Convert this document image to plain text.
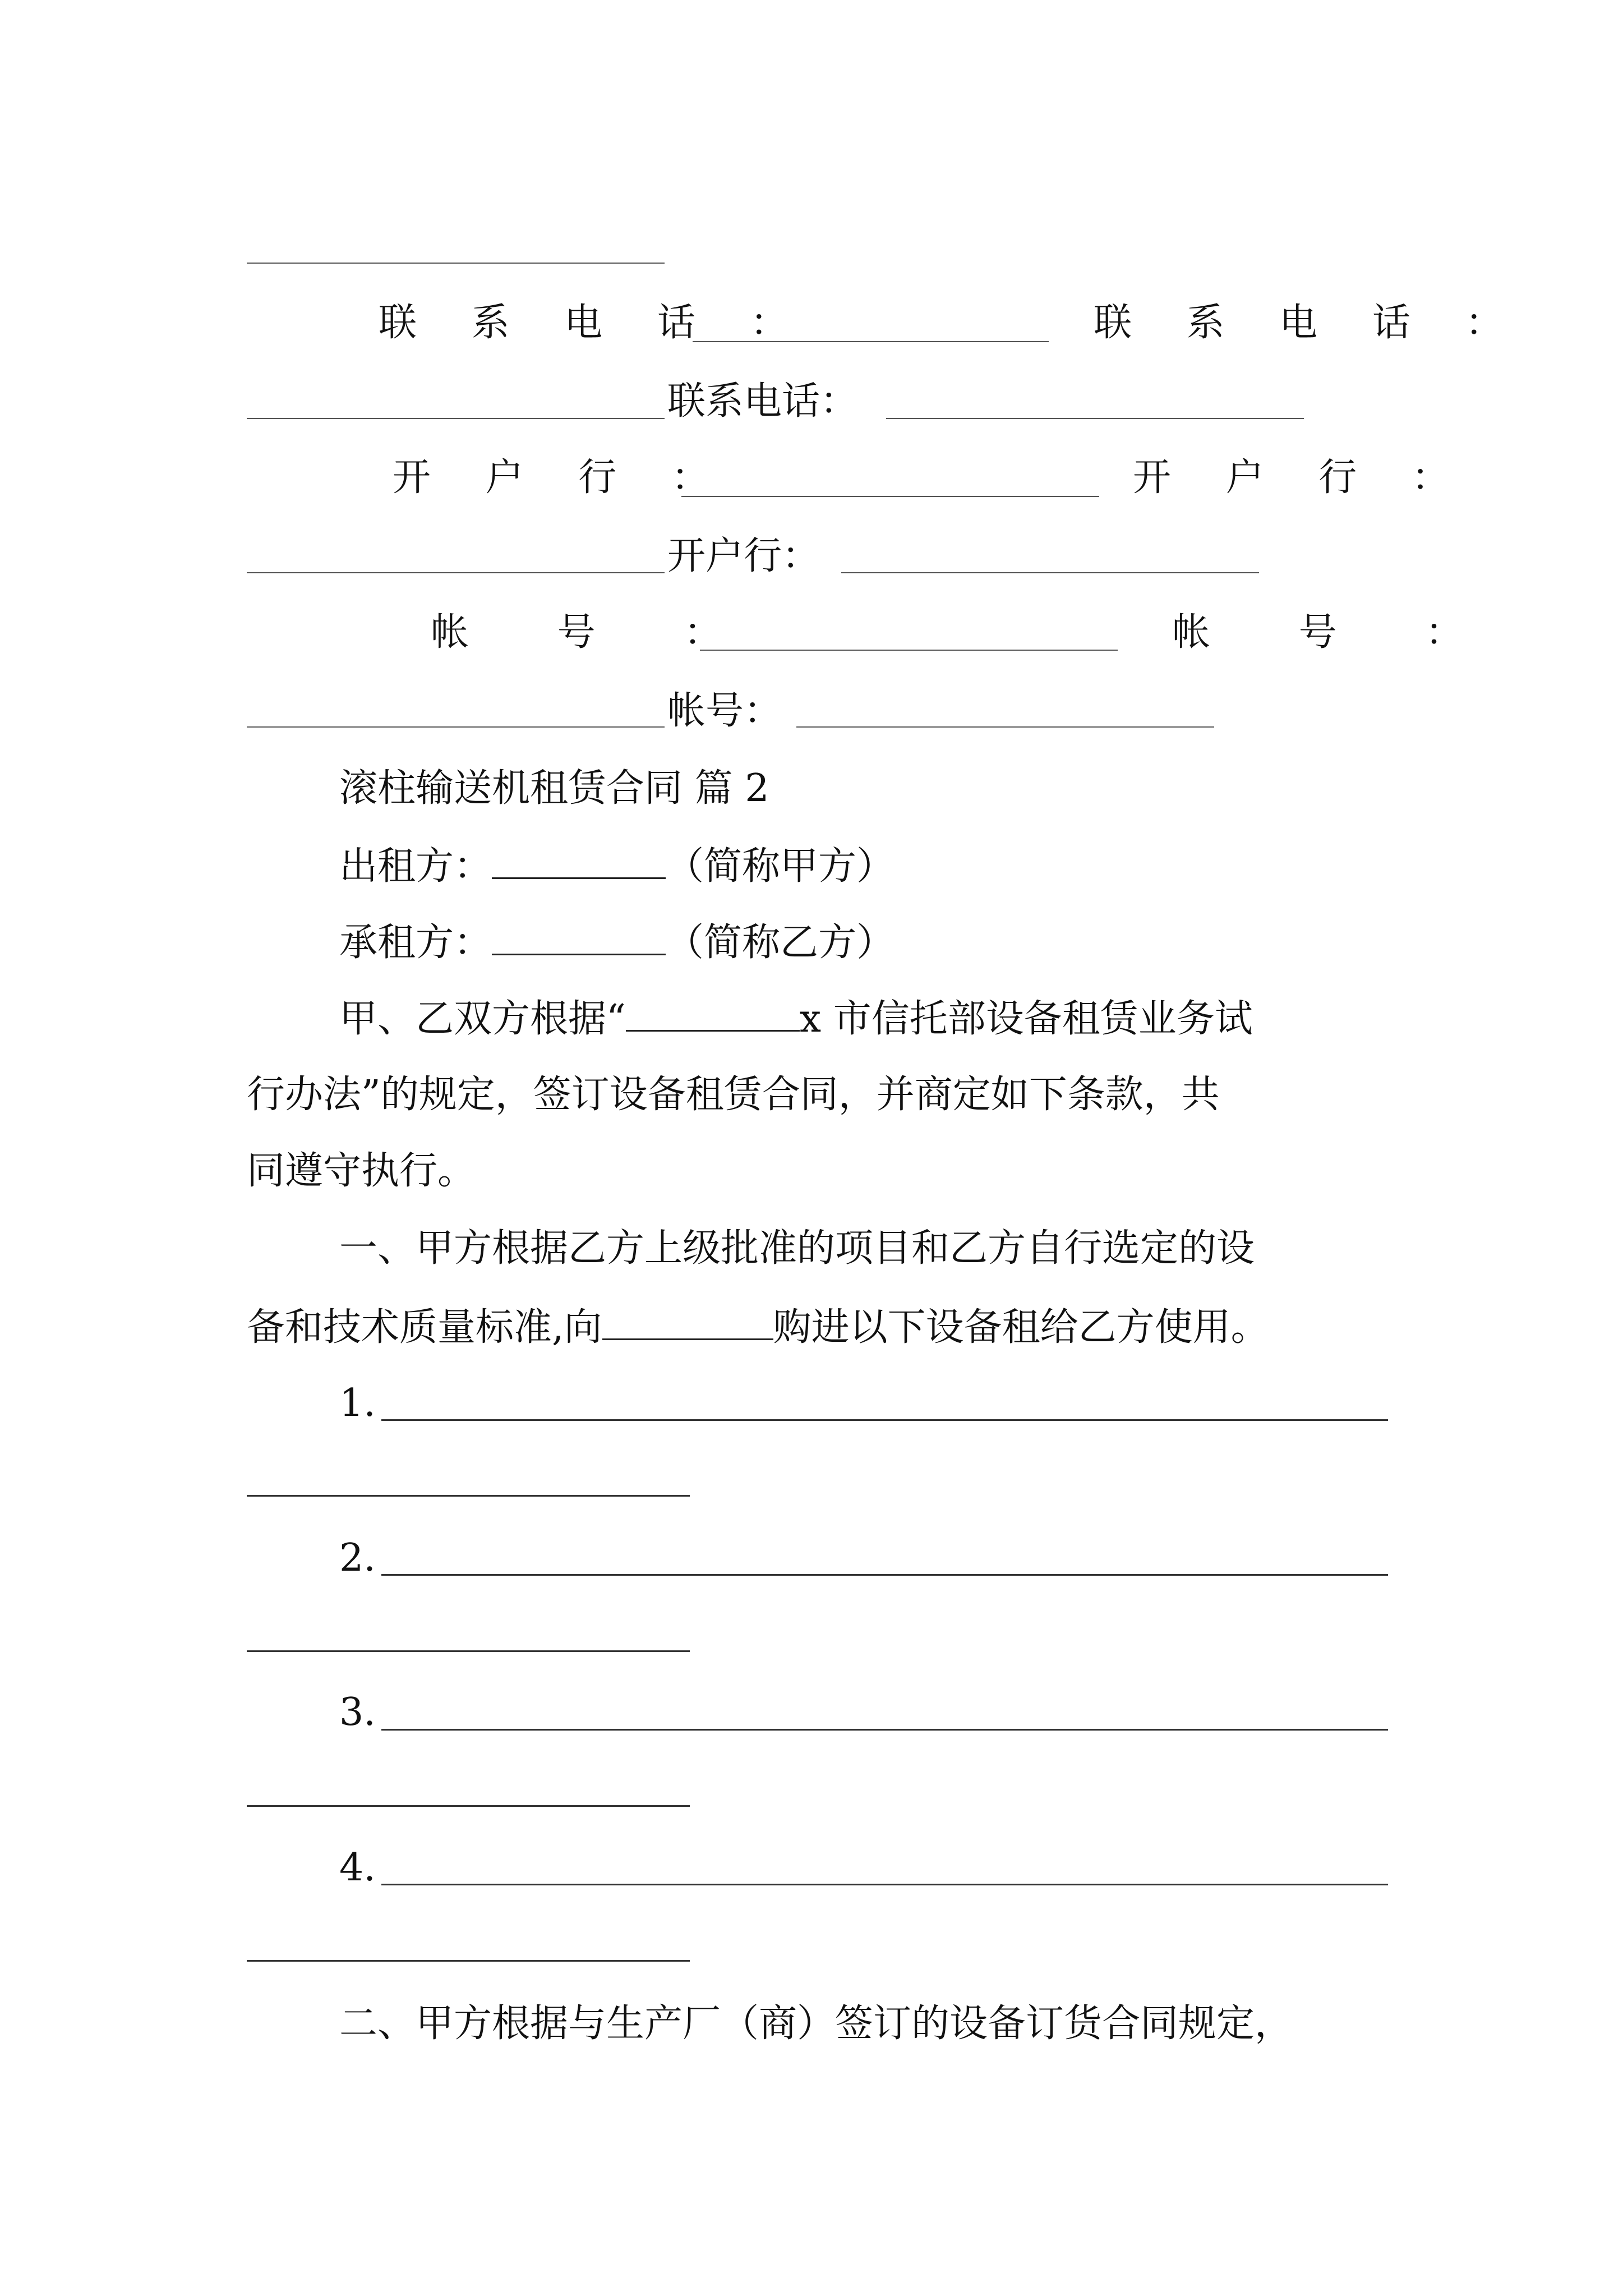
联 系 电 话 ：	联 系 电 话 ：
联系电话：
开 户 行 ：	开 户 行 ：
开户行：
帐 号 ：	帐 号 ：
帐号：
滚柱输送机租赁合同 篇 2
出租方：	（简称甲方）
承租方：	（简称乙方）
甲、乙双方根据“	x 市信托部设备租赁业务试
行办法”的规定，签订设备租赁合同，并商定如下条款，共
同遵守执行。
一、甲方根据乙方上级批准的项目和乙方自行选定的设
备和技术质量标准,向	购进以下设备租给乙方使用。
1.
2.
3.
4.
二、甲方根据与生产厂（商）签订的设备订货合同规定，
